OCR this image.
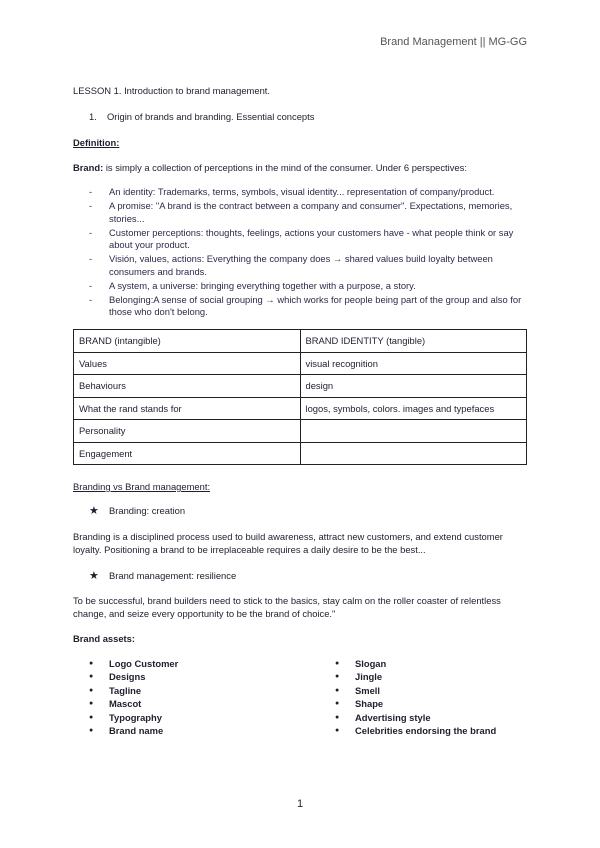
Brand Management || MG-GG
LESSON 1. Introduction to brand management.
1. Origin of brands and branding. Essential concepts
Definition:
Brand: is simply a collection of perceptions in the mind of the consumer. Under 6 perspectives:
- An identity: Trademarks, terms, symbols, visual identity... representation of company/product.
- A promise: "A brand is the contract between a company and consumer". Expectations, memories, stories...
- Customer perceptions: thoughts, feelings, actions your customers have - what people think or say about your product.
- Visión, values, actions: Everything the company does → shared values build loyalty between consumers and brands.
- A system, a universe: bringing everything together with a purpose, a story.
- Belonging:A sense of social grouping → which works for people being part of the group and also for those who don't belong.
BRAND (intangible)	BRAND IDENTITY (tangible)
Values	visual recognition
Behaviours	design
What the rand stands for	logos, symbols, colors. images and typefaces
Personality	
Engagement	
Branding vs Brand management:
★ Branding: creation
Branding is a disciplined process used to build awareness, attract new customers, and extend customer loyalty. Positioning a brand to be irreplaceable requires a daily desire to be the best...
★ Brand management: resilience
To be successful, brand builders need to stick to the basics, stay calm on the roller coaster of relentless change, and seize every opportunity to be the brand of choice."
Brand assets:
● Logo Customer
● Designs
● Tagline
● Mascot
● Typography
● Brand name
● Slogan
● Jingle
● Smell
● Shape
● Advertising style
● Celebrities endorsing the brand
1
